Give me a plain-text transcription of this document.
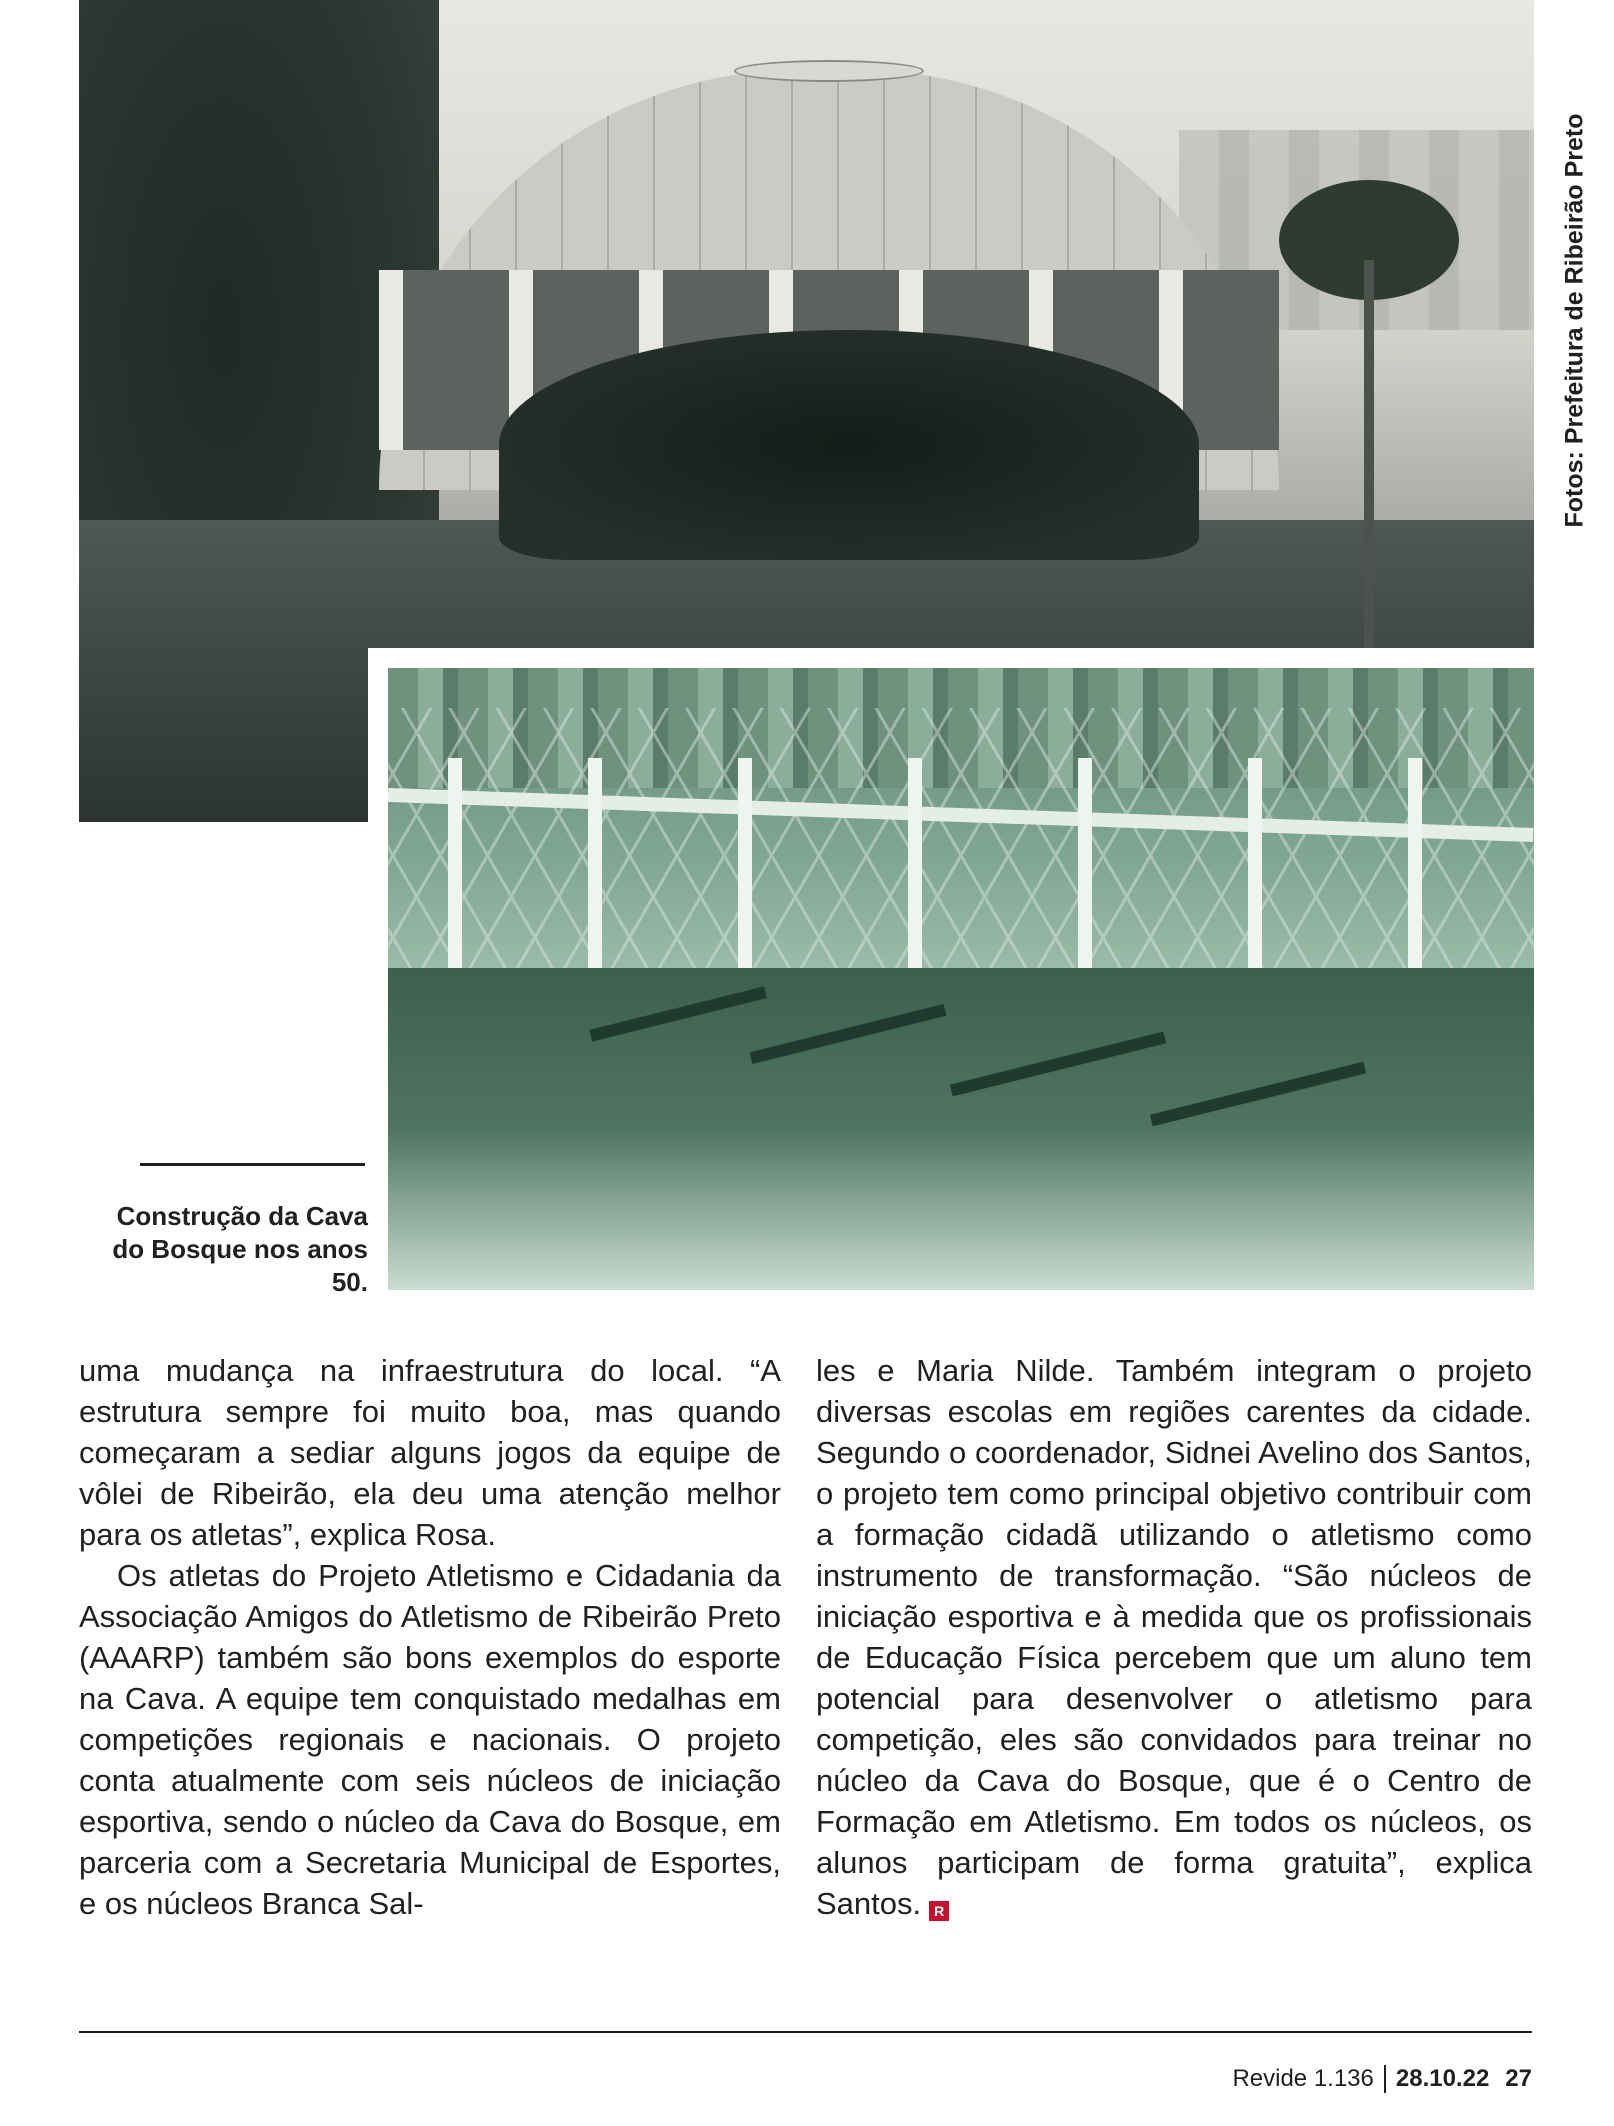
Fotos: Prefeitura de Ribeirão Preto
Construção da Cava do Bosque nos anos 50.

uma mudança na infraestrutura do local. “A estrutura sempre foi muito boa, mas quando começaram a sediar alguns jogos da equipe de vôlei de Ribeirão, ela deu uma atenção melhor para os atletas”, explica Rosa.

Os atletas do Projeto Atletismo e Cidadania da Associação Amigos do Atletismo de Ribeirão Preto (AAARP) também são bons exemplos do esporte na Cava. A equipe tem conquistado medalhas em competições regionais e nacionais. O projeto conta atualmente com seis núcleos de iniciação esportiva, sendo o núcleo da Cava do Bosque, em parceria com a Secretaria Municipal de Esportes, e os núcleos Branca Sal-

les e Maria Nilde. Também integram o projeto diversas escolas em regiões carentes da cidade. Segundo o coordenador, Sidnei Avelino dos Santos, o projeto tem como principal objetivo contribuir com a formação cidadã utilizando o atletismo como instrumento de transformação. “São núcleos de iniciação esportiva e à medida que os profissionais de Educação Física percebem que um aluno tem potencial para desenvolver o atletismo para competição, eles são convidados para treinar no núcleo da Cava do Bosque, que é o Centro de Formação em Atletismo. Em todos os núcleos, os alunos participam de forma gratuita”, explica Santos. R

Revide 1.136 28.10.22 27
